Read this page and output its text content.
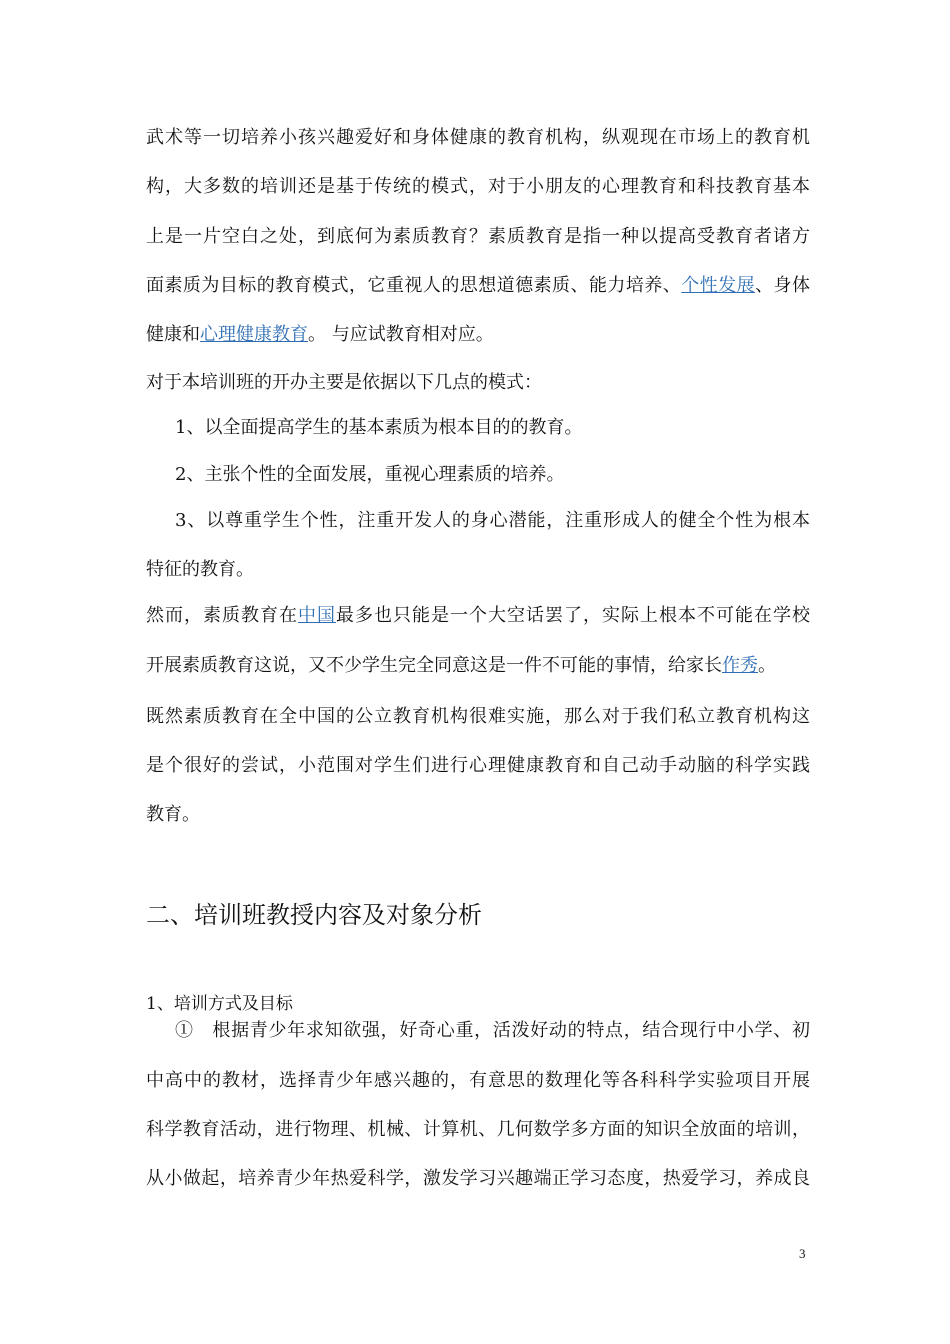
武术等一切培养小孩兴趣爱好和身体健康的教育机构，纵观现在市场上的教育机
构，大多数的培训还是基于传统的模式，对于小朋友的心理教育和科技教育基本
上是一片空白之处，到底何为素质教育？素质教育是指一种以提高受教育者诸方
面素质为目标的教育模式，它重视人的思想道德素质、能力培养、个性发展、身体
健康和心理健康教育。 与应试教育相对应。
对于本培训班的开办主要是依据以下几点的模式：
1、以全面提高学生的基本素质为根本目的的教育。
2、主张个性的全面发展，重视心理素质的培养。
3、以尊重学生个性，注重开发人的身心潜能，注重形成人的健全个性为根本
特征的教育。
然而，素质教育在中国最多也只能是一个大空话罢了，实际上根本不可能在学校
开展素质教育这说，又不少学生完全同意这是一件不可能的事情，给家长作秀。
既然素质教育在全中国的公立教育机构很难实施，那么对于我们私立教育机构这
是个很好的尝试，小范围对学生们进行心理健康教育和自己动手动脑的科学实践
教育。
二、培训班教授内容及对象分析
1、培训方式及目标
①　根据青少年求知欲强，好奇心重，活泼好动的特点，结合现行中小学、初
中高中的教材，选择青少年感兴趣的，有意思的数理化等各科科学实验项目开展
科学教育活动，进行物理、机械、计算机、几何数学多方面的知识全放面的培训，
从小做起，培养青少年热爱科学，激发学习兴趣端正学习态度，热爱学习，养成良
3
